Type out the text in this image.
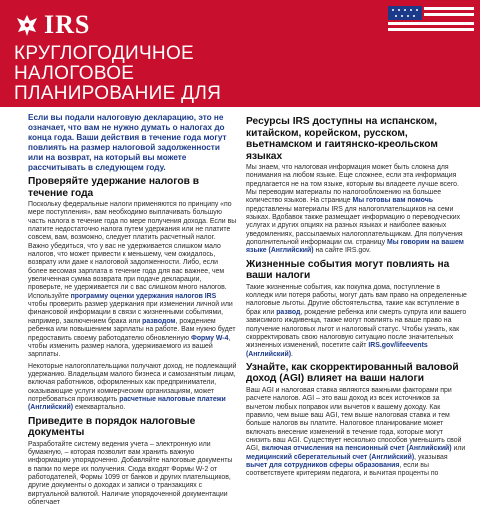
IRS
КРУГЛОГОДИЧНОЕ
НАЛОГОВОЕ
ПЛАНИРОВАНИЕ ДЛЯ

Если вы подали налоговую декларацию, это не означает, что вам не нужно думать о налогах до конца года. Ваши действия в течение года могут повлиять на размер налоговой задолженности или на возврат, на который вы можете рассчитывать в следующем году.

Проверяйте удержание налогов в течение года

Поскольку федеральные налоги применяются по принципу «по мере поступления», вам необходимо выплачивать большую часть налога в течение года по мере получения дохода. Если вы платите недостаточно налога путем удержания или не платите совсем, вам, возможно, следует платить расчетный налог. Важно убедиться, что у вас не удерживается слишком мало налогов, что может привести к меньшему, чем ожидалось, возврату или даже к налоговой задолженности. Либо, если более весомая зарплата в течение года для вас важнее, чем увеличенная сумма возврата при подаче декларации, проверьте, не удерживается ли с вас слишком много налогов. Используйте программу оценки удержания налогов IRS чтобы проверить размер удержания при изменении личной или финансовой информации в связи с жизненными событиями, например, заключением брака или разводом, рождением ребенка или повышением зарплаты на работе. Вам нужно будет предоставить своему работодателю обновленную Форму W-4, чтобы изменить размер налога, удерживаемого из вашей зарплаты.

Некоторые налогоплательщики получают доход, не подлежащий удержанию. Владельцам малого бизнеса и самозанятым лицам, включая работников, оформленных как предприниматели, оказывающие услуги коммерческим организациям, может потребоваться производить расчетные налоговые платежи (Английский) ежеквартально.

Приведите в порядок налоговые документы

Разработайте систему ведения учета – электронную или бумажную, – которая позволит вам хранить важную информацию упорядоченно. Добавляйте налоговые документы в папки по мере их получения. Сюда входят Формы W-2 от работодателей, Формы 1099 от банков и других плательщиков, другие документы о доходах и записи о транзакциях с виртуальной валютой. Наличие упорядоченной документации облегчает

Ресурсы IRS доступны на испанском, китайском, корейском, русском, вьетнамском и гаитянско-креольском языках

Мы знаем, что налоговая информация может быть сложна для понимания на любом языке. Еще сложнее, если эта информация предлагается не на том языке, которым вы владеете лучше всего. Мы переводим материалы по налогообложению на большее количество языков. На странице Мы готовы вам помочь представлены материалы IRS для налогоплательщиков на семи языках. Вдобавок также размещает информацию о переводческих услугах и других опциях на разных языках и наиболее важных уведомлениях, рассылаемых налогоплательщикам. Для получения дополнительной информации см. страницу Мы говорим на вашем языке (Английский) на сайте IRS.gov.

Жизненные события могут повлиять на ваши налоги

Такие жизненные события, как покупка дома, поступление в колледж или потеря работы, могут дать вам право на определенные налоговые льготы. Другие обстоятельства, такие как вступление в брак или развод, рождение ребенка или смерть супруга или вашего зависимого иждивенца, также могут повлиять на ваше право на получение налоговых льгот и налоговый статус. Чтобы узнать, как скорректировать свою налоговую ситуацию после значительных жизненных изменений, посетите сайт IRS.gov/lifeevents (Английский).

Узнайте, как скорректированный валовой доход (AGI) влияет на ваши налоги

Ваш AGI и налоговая ставка являются важными факторами при расчете налогов. AGI – это ваш доход из всех источников за вычетом любых поправок или вычетов к вашему доходу. Как правило, чем выше ваш AGI, тем выше налоговая ставка и тем больше налогов вы платите. Налоговое планирование может включать внесение изменений в течение года, которые могут снизить ваш AGI. Существует несколько способов уменьшить свой AGI, включая отчисления на пенсионный счет (Английский) или медицинский сберегательный счет (Английский), указывая вычет для сотрудников сферы образования, если вы соответствуете критериям педагога, и вычитая проценты по
